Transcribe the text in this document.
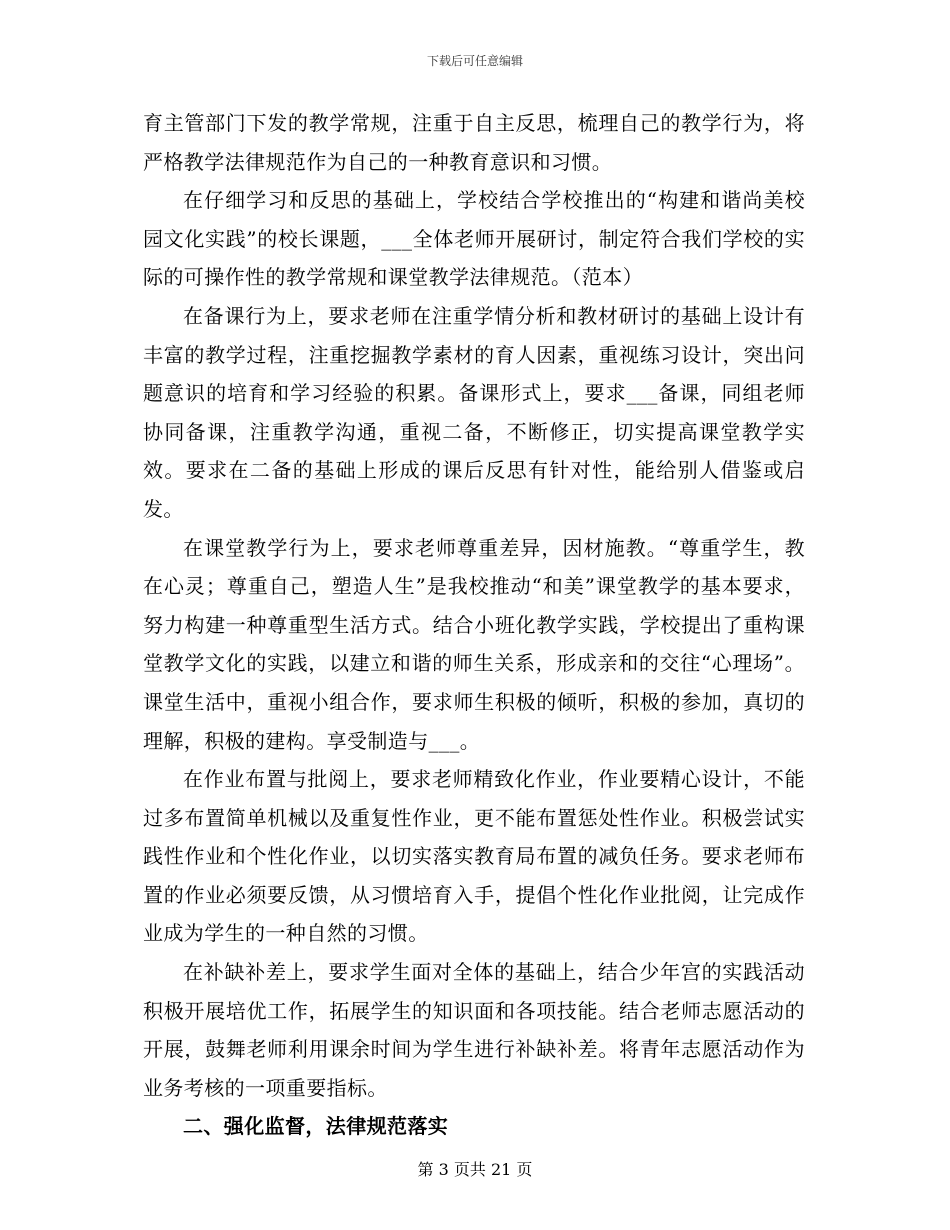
下载后可任意编辑

育主管部门下发的教学常规，注重于自主反思，梳理自己的教学行为，将严格教学法律规范作为自己的一种教育意识和习惯。

在仔细学习和反思的基础上，学校结合学校推出的“构建和谐尚美校园文化实践”的校长课题，___全体老师开展研讨，制定符合我们学校的实际的可操作性的教学常规和课堂教学法律规范。（范本）

在备课行为上，要求老师在注重学情分析和教材研讨的基础上设计有丰富的教学过程，注重挖掘教学素材的育人因素，重视练习设计，突出问题意识的培育和学习经验的积累。备课形式上，要求___备课，同组老师协同备课，注重教学沟通，重视二备，不断修正，切实提高课堂教学实效。要求在二备的基础上形成的课后反思有针对性，能给别人借鉴或启发。

在课堂教学行为上，要求老师尊重差异，因材施教。“尊重学生，教在心灵；尊重自己，塑造人生”是我校推动“和美”课堂教学的基本要求，努力构建一种尊重型生活方式。结合小班化教学实践，学校提出了重构课堂教学文化的实践，以建立和谐的师生关系，形成亲和的交往“心理场”。课堂生活中，重视小组合作，要求师生积极的倾听，积极的参加，真切的理解，积极的建构。享受制造与___。

在作业布置与批阅上，要求老师精致化作业，作业要精心设计，不能过多布置简单机械以及重复性作业，更不能布置惩处性作业。积极尝试实践性作业和个性化作业，以切实落实教育局布置的减负任务。要求老师布置的作业必须要反馈，从习惯培育入手，提倡个性化作业批阅，让完成作业成为学生的一种自然的习惯。

在补缺补差上，要求学生面对全体的基础上，结合少年宫的实践活动积极开展培优工作，拓展学生的知识面和各项技能。结合老师志愿活动的开展，鼓舞老师利用课余时间为学生进行补缺补差。将青年志愿活动作为业务考核的一项重要指标。

二、强化监督，法律规范落实

第 3 页共 21 页
